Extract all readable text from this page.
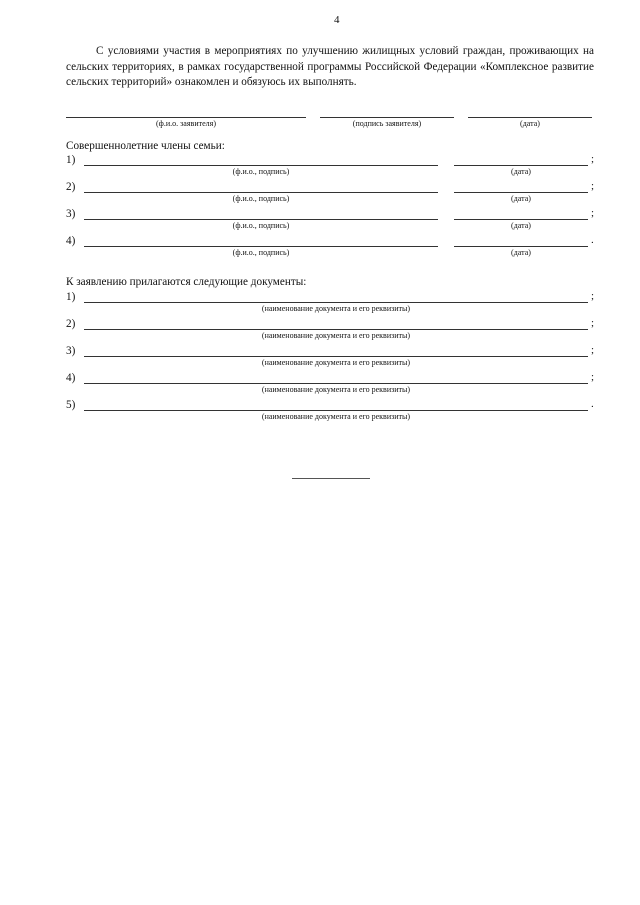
4
С условиями участия в мероприятиях по улучшению жилищных условий граждан, проживающих на сельских территориях, в рамках государственной программы Российской Федерации «Комплексное развитие сельских территорий» ознакомлен и обязуюсь их выполнять.
(ф.и.о. заявителя)	(подпись заявителя)	(дата)
Совершеннолетние члены семьи:
1)	;
(ф.и.о., подпись)	(дата)
2)	;
(ф.и.о., подпись)	(дата)
3)	;
(ф.и.о., подпись)	(дата)
4)	.
(ф.и.о., подпись)	(дата)
К заявлению прилагаются следующие документы:
1)	;
(наименование документа и его реквизиты)
2)	;
(наименование документа и его реквизиты)
3)	;
(наименование документа и его реквизиты)
4)	;
(наименование документа и его реквизиты)
5)	.
(наименование документа и его реквизиты)
